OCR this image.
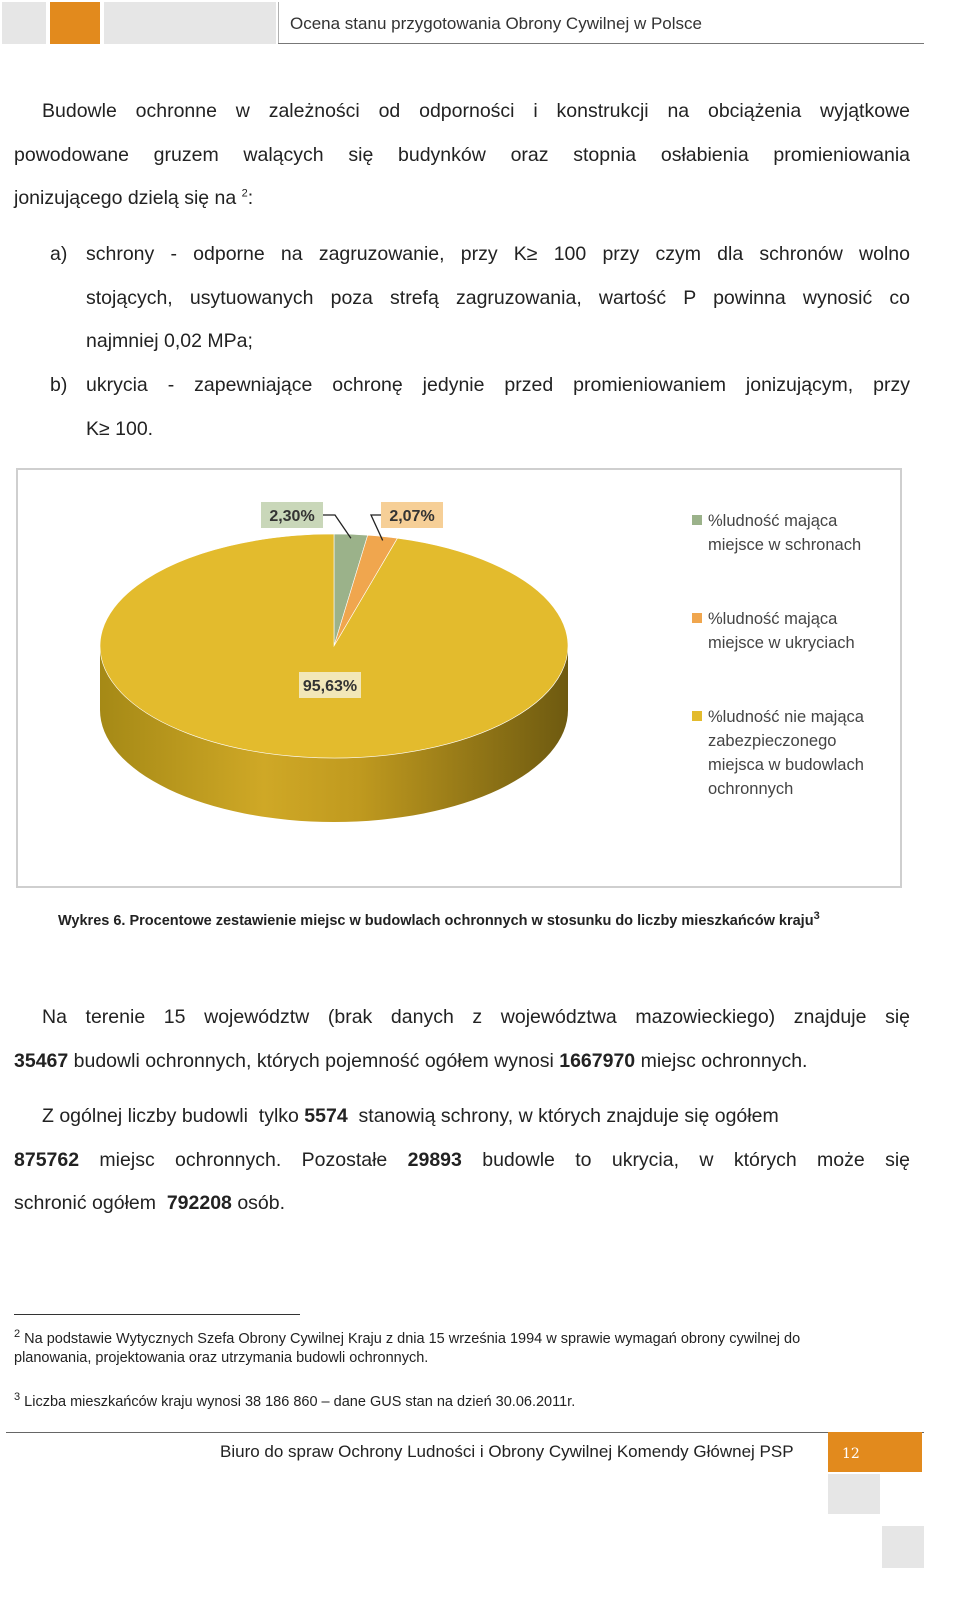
Ocena stanu przygotowania Obrony Cywilnej w Polsce
Budowle ochronne w zależności od odporności i konstrukcji na obciążenia wyjątkowe
powodowane gruzem walących się budynków oraz stopnia osłabienia promieniowania
jonizującego dzielą się na $^2$:
a) schrony - odporne na zagruzowanie, przy K≥ 100 przy czym dla schronów wolno
stojących, usytuowanych poza strefą zagruzowania, wartość P powinna wynosić co
najmniej 0,02 MPa;
b) ukrycia - zapewniające ochronę jedynie przed promieniowaniem jonizującym, przy
K≥ 100.
2,30%	2,07%
95,63%
%ludność mająca miejsce w schronach
%ludność mająca miejsce w ukryciach
%ludność nie mająca zabezpieczonego miejsca w budowlach ochronnych
Wykres 6. Procentowe zestawienie miejsc w budowlach ochronnych w stosunku do liczby mieszkańców kraju$^3$
Na terenie 15 województw (brak danych z województwa mazowieckiego) znajduje się
35467 budowli ochronnych, których pojemność ogółem wynosi 1667970 miejsc ochronnych.
Z ogólnej liczby budowli  tylko 5574  stanowią schrony, w których znajduje się ogółem
875762 miejsc ochronnych. Pozostałe 29893 budowle to ukrycia, w których może się
schronić ogółem  792208 osób.
$^2$ Na podstawie Wytycznych Szefa Obrony Cywilnej Kraju z dnia 15 września 1994 w sprawie wymagań obrony cywilnej do
planowania, projektowania oraz utrzymania budowli ochronnych.
$^3$ Liczba mieszkańców kraju wynosi 38 186 860 – dane GUS stan na dzień 30.06.2011r.
Biuro do spraw Ochrony Ludności i Obrony Cywilnej Komendy Głównej PSP	12
